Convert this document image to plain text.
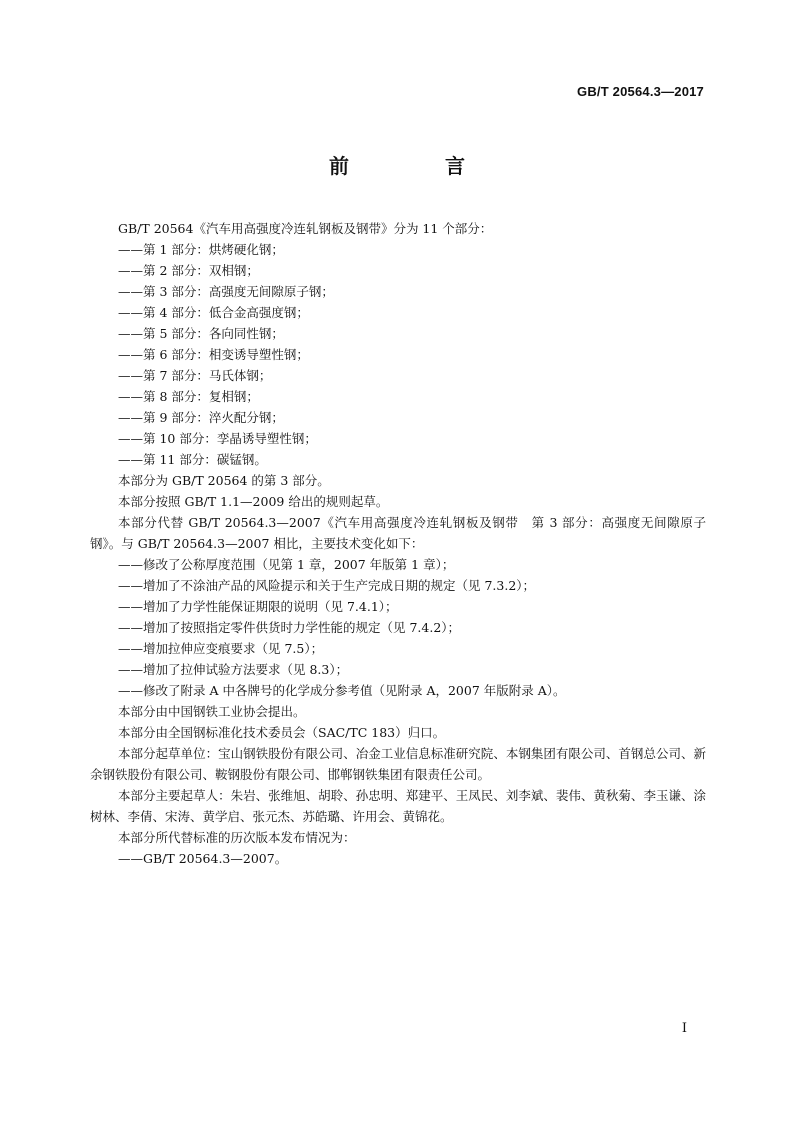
GB/T 20564.3—2017
前　言

GB/T 20564《汽车用高强度冷连轧钢板及钢带》分为 11 个部分：

——第 1 部分：烘烤硬化钢；

——第 2 部分：双相钢；

——第 3 部分：高强度无间隙原子钢；

——第 4 部分：低合金高强度钢；

——第 5 部分：各向同性钢；

——第 6 部分：相变诱导塑性钢；

——第 7 部分：马氏体钢；

——第 8 部分：复相钢；

——第 9 部分：淬火配分钢；

——第 10 部分：孪晶诱导塑性钢；

——第 11 部分：碳锰钢。

本部分为 GB/T 20564 的第 3 部分。

本部分按照 GB/T 1.1—2009 给出的规则起草。

本部分代替 GB/T 20564.3—2007《汽车用高强度冷连轧钢板及钢带　第 3 部分：高强度无间隙原子钢》。与 GB/T 20564.3—2007 相比，主要技术变化如下：

——修改了公称厚度范围（见第 1 章，2007 年版第 1 章）；

——增加了不涂油产品的风险提示和关于生产完成日期的规定（见 7.3.2）；

——增加了力学性能保证期限的说明（见 7.4.1）；

——增加了按照指定零件供货时力学性能的规定（见 7.4.2）；

——增加拉伸应变痕要求（见 7.5）；

——增加了拉伸试验方法要求（见 8.3）；

——修改了附录 A 中各牌号的化学成分参考值（见附录 A，2007 年版附录 A）。

本部分由中国钢铁工业协会提出。

本部分由全国钢标准化技术委员会（SAC/TC 183）归口。

本部分起草单位：宝山钢铁股份有限公司、冶金工业信息标准研究院、本钢集团有限公司、首钢总公司、新余钢铁股份有限公司、鞍钢股份有限公司、邯郸钢铁集团有限责任公司。

本部分主要起草人：朱岩、张维旭、胡聆、孙忠明、郑建平、王凤民、刘李斌、裴伟、黄秋菊、李玉谦、涂树林、李倩、宋涛、黄学启、张元杰、苏皓璐、许用会、黄锦花。

本部分所代替标准的历次版本发布情况为：

——GB/T 20564.3—2007。

I
